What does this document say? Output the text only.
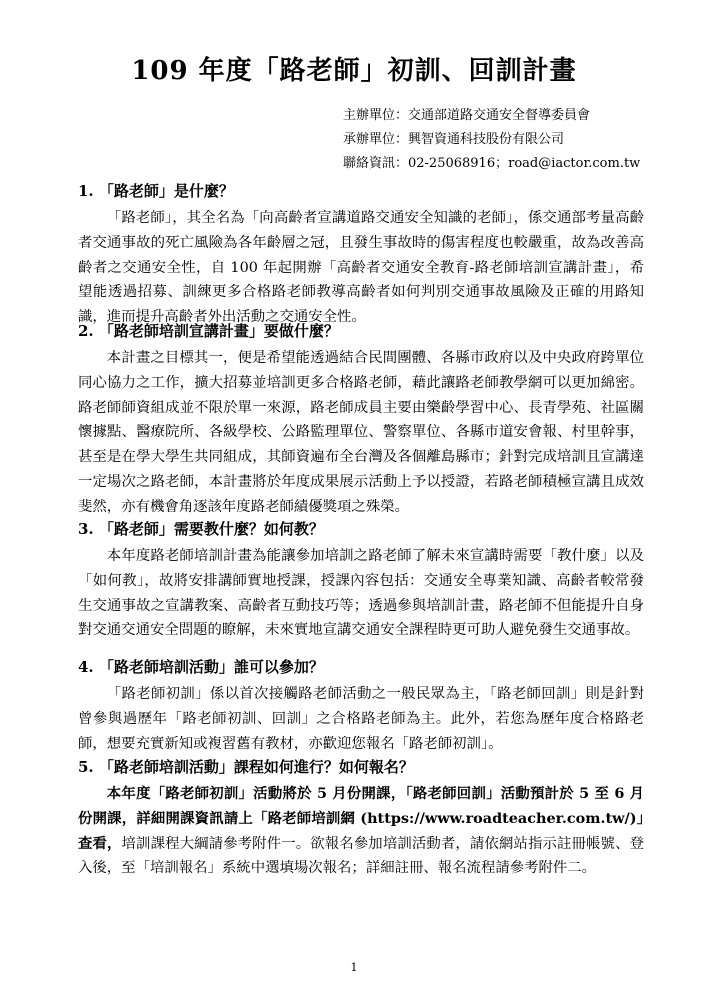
109 年度「路老師」初訓、回訓計畫
主辦單位：交通部道路交通安全督導委員會
承辦單位：興智資通科技股份有限公司
聯絡資訊：02-25068916；road@iactor.com.tw

1. 「路老師」是什麼？

「路老師」，其全名為「向高齡者宣講道路交通安全知識的老師」，係交通部考量高齡者交通事故的死亡風險為各年齡層之冠，且發生事故時的傷害程度也較嚴重，故為改善高齡者之交通安全性，自 100 年起開辦「高齡者交通安全教育-路老師培訓宣講計畫」，希望能透過招募、訓練更多合格路老師教導高齡者如何判別交通事故風險及正確的用路知識，進而提升高齡者外出活動之交通安全性。

2. 「路老師培訓宣講計畫」要做什麼？

本計畫之目標其一，便是希望能透過結合民間團體、各縣市政府以及中央政府跨單位同心協力之工作，擴大招募並培訓更多合格路老師，藉此讓路老師教學網可以更加綿密。路老師師資組成並不限於單一來源，路老師成員主要由樂齡學習中心、長青學苑、社區關懷據點、醫療院所、各級學校、公路監理單位、警察單位、各縣市道安會報、村里幹事，甚至是在學大學生共同組成，其師資遍布全台灣及各個離島縣市；針對完成培訓且宣講達一定場次之路老師，本計畫將於年度成果展示活動上予以授證，若路老師積極宣講且成效斐然，亦有機會角逐該年度路老師績優獎項之殊榮。

3. 「路老師」需要教什麼？如何教？

本年度路老師培訓計畫為能讓參加培訓之路老師了解未來宣講時需要「教什麼」以及「如何教」，故將安排講師實地授課，授課內容包括：交通安全專業知識、高齡者較常發生交通事故之宣講教案、高齡者互動技巧等；透過參與培訓計畫，路老師不但能提升自身對交通交通安全問題的瞭解，未來實地宣講交通安全課程時更可助人避免發生交通事故。

4. 「路老師培訓活動」誰可以參加？

「路老師初訓」係以首次接觸路老師活動之一般民眾為主，「路老師回訓」則是針對曾參與過歷年「路老師初訓、回訓」之合格路老師為主。此外，若您為歷年度合格路老師，想要充實新知或複習舊有教材，亦歡迎您報名「路老師初訓」。

5. 「路老師培訓活動」課程如何進行？如何報名？

本年度「路老師初訓」活動將於 5 月份開課，「路老師回訓」活動預計於 5 至 6 月份開課，詳細開課資訊請上「路老師培訓網 (https://www.roadteacher.com.tw/)」查看，培訓課程大綱請參考附件一。欲報名參加培訓活動者，請依網站指示註冊帳號、登入後，至「培訓報名」系統中選填場次報名；詳細註冊、報名流程請參考附件二。

1
